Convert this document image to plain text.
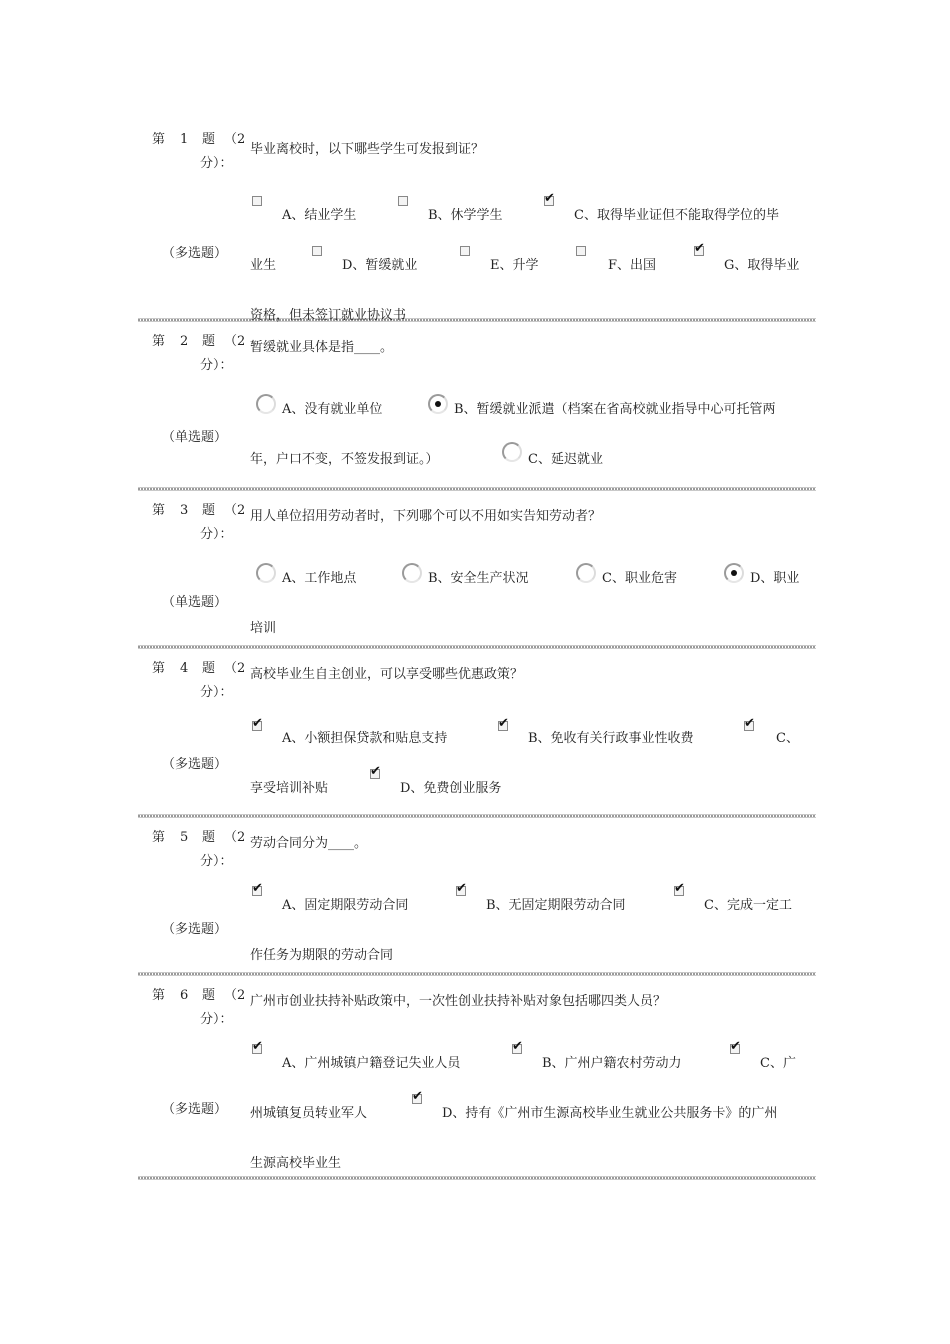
第 1 题 （2
分）：
（多选题）
毕业离校时，以下哪些学生可发报到证？
A、结业学生	B、休学学生
✔	C、取得毕业证但不能取得学位的毕
业生	D、暂缓就业	E、升学	F、出国
✔	G、取得毕业
资格，但未签订就业协议书
第 2 题 （2
分）：
（单选题）
暂缓就业具体是指____。
A、没有就业单位	B、暂缓就业派遣（档案在省高校就业指导中心可托管两
年，户口不变，不签发报到证。）	C、延迟就业
第 3 题 （2
分）：
（单选题）
用人单位招用劳动者时，下列哪个可以不用如实告知劳动者？
A、工作地点	B、安全生产状况	C、职业危害	D、职业
培训
第 4 题 （2
分）：
（多选题）
高校毕业生自主创业，可以享受哪些优惠政策？
✔
A、小额担保贷款和贴息支持
✔	B、免收有关行政事业性收费
✔	C、
享受培训补贴
✔	D、免费创业服务
第 5 题 （2
分）：
（多选题）
劳动合同分为____。
✔
A、固定期限劳动合同
✔	B、无固定期限劳动合同
✔	C、完成一定工
作任务为期限的劳动合同
第 6 题 （2
分）：
（多选题）
广州市创业扶持补贴政策中，一次性创业扶持补贴对象包括哪四类人员？
✔
A、广州城镇户籍登记失业人员
✔	B、广州户籍农村劳动力
✔	C、广
州城镇复员转业军人
✔	D、持有《广州市生源高校毕业生就业公共服务卡》的广州
生源高校毕业生
